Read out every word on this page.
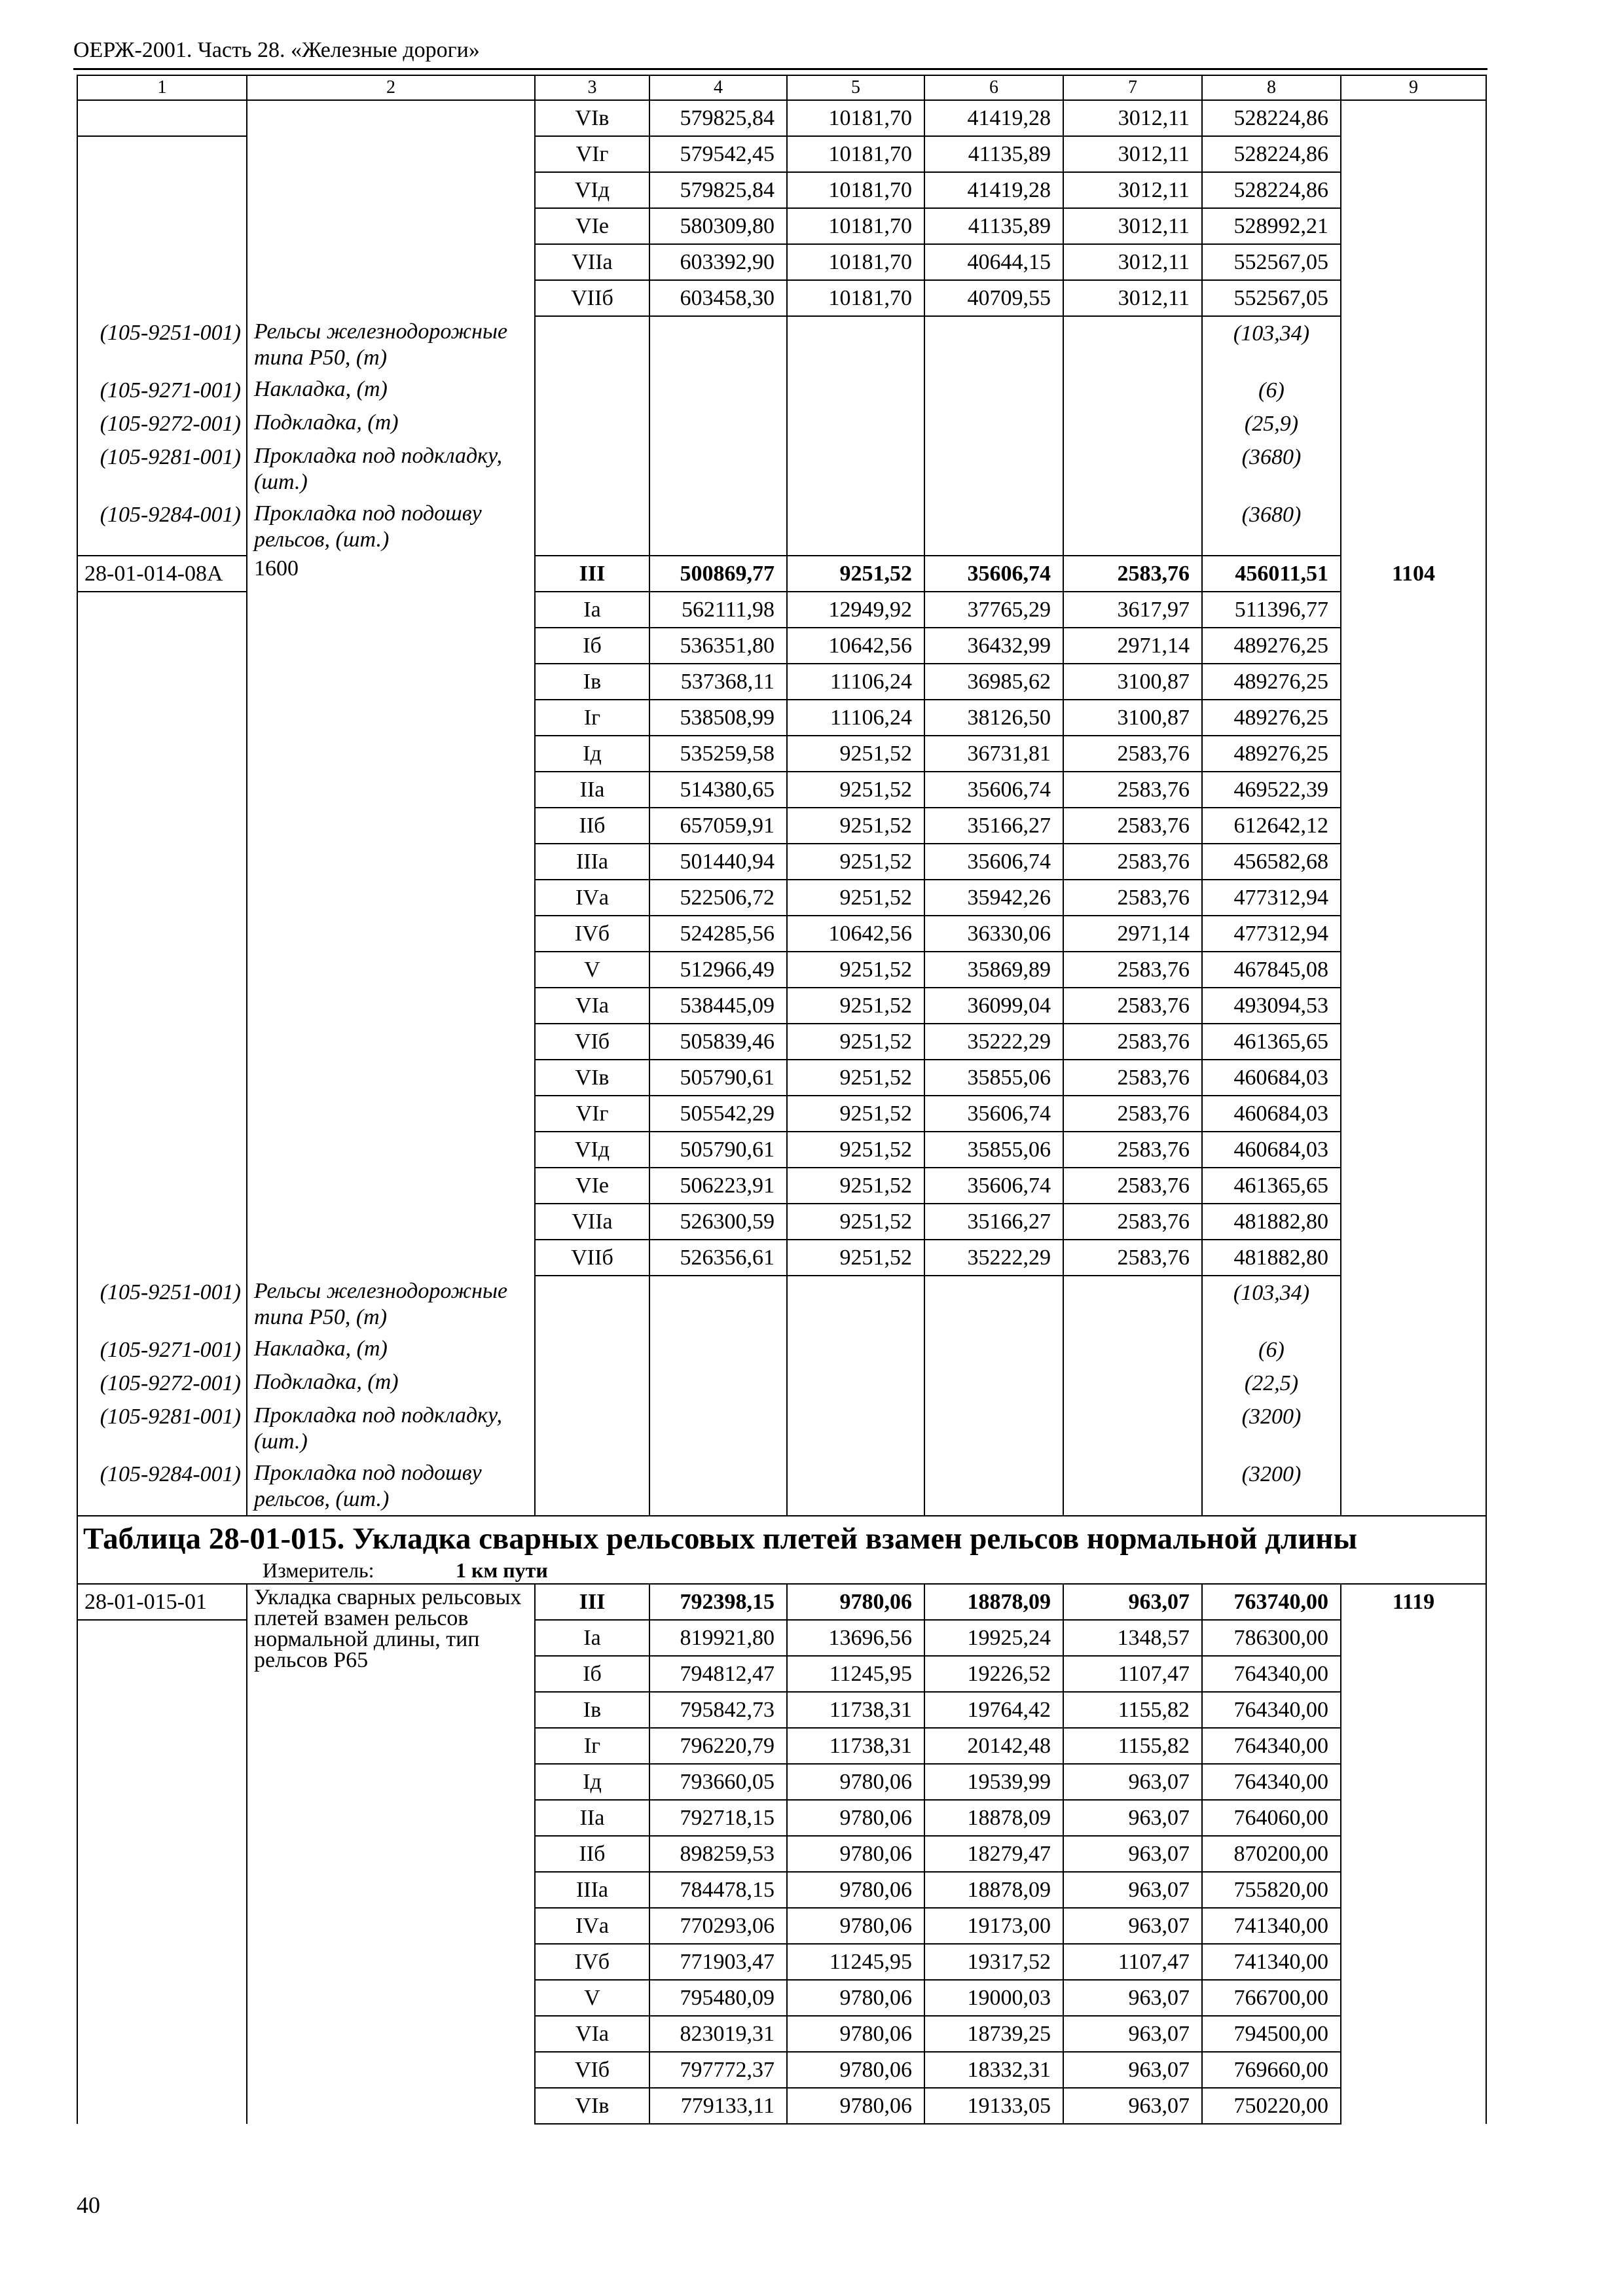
ОЕРЖ-2001. Часть 28. «Железные дороги»
1	2	3	4	5	6	7	8	9
		VIв	579825,84	10181,70	41419,28	3012,11	528224,86	
		VIг	579542,45	10181,70	41135,89	3012,11	528224,86	
		VIд	579825,84	10181,70	41419,28	3012,11	528224,86	
		VIе	580309,80	10181,70	41135,89	3012,11	528992,21	
		VIIа	603392,90	10181,70	40644,15	3012,11	552567,05	
		VIIб	603458,30	10181,70	40709,55	3012,11	552567,05	
(105-9251-001)	Рельсы железнодорожные типа Р50, (т)						(103,34)	
(105-9271-001)	Накладка, (т)						(6)	
(105-9272-001)	Подкладка, (т)						(25,9)	
(105-9281-001)	Прокладка под подкладку, (шт.)						(3680)	
(105-9284-001)	Прокладка под подошву рельсов, (шт.)						(3680)	
28-01-014-08А	1600	III	500869,77	9251,52	35606,74	2583,76	456011,51	1104
		Iа	562111,98	12949,92	37765,29	3617,97	511396,77	
		Iб	536351,80	10642,56	36432,99	2971,14	489276,25	
		Iв	537368,11	11106,24	36985,62	3100,87	489276,25	
		Iг	538508,99	11106,24	38126,50	3100,87	489276,25	
		Iд	535259,58	9251,52	36731,81	2583,76	489276,25	
		IIа	514380,65	9251,52	35606,74	2583,76	469522,39	
		IIб	657059,91	9251,52	35166,27	2583,76	612642,12	
		IIIа	501440,94	9251,52	35606,74	2583,76	456582,68	
		IVа	522506,72	9251,52	35942,26	2583,76	477312,94	
		IVб	524285,56	10642,56	36330,06	2971,14	477312,94	
		V	512966,49	9251,52	35869,89	2583,76	467845,08	
		VIа	538445,09	9251,52	36099,04	2583,76	493094,53	
		VIб	505839,46	9251,52	35222,29	2583,76	461365,65	
		VIв	505790,61	9251,52	35855,06	2583,76	460684,03	
		VIг	505542,29	9251,52	35606,74	2583,76	460684,03	
		VIд	505790,61	9251,52	35855,06	2583,76	460684,03	
		VIе	506223,91	9251,52	35606,74	2583,76	461365,65	
		VIIа	526300,59	9251,52	35166,27	2583,76	481882,80	
		VIIб	526356,61	9251,52	35222,29	2583,76	481882,80	
(105-9251-001)	Рельсы железнодорожные типа Р50, (т)						(103,34)	
(105-9271-001)	Накладка, (т)						(6)	
(105-9272-001)	Подкладка, (т)						(22,5)	
(105-9281-001)	Прокладка под подкладку, (шт.)						(3200)	
(105-9284-001)	Прокладка под подошву рельсов, (шт.)						(3200)	

Таблица 28-01-015. Укладка сварных рельсовых плетей взамен рельсов нормальной длины
Измеритель: 1 км пути								

28-01-015-01	Укладка сварных рельсовых плетей взамен рельсов нормальной длины, тип рельсов Р65	III	792398,15	9780,06	18878,09	963,07	763740,00	1119
		Iа	819921,80	13696,56	19925,24	1348,57	786300,00	
		Iб	794812,47	11245,95	19226,52	1107,47	764340,00	
		Iв	795842,73	11738,31	19764,42	1155,82	764340,00	
		Iг	796220,79	11738,31	20142,48	1155,82	764340,00	
		Iд	793660,05	9780,06	19539,99	963,07	764340,00	
		IIа	792718,15	9780,06	18878,09	963,07	764060,00	
		IIб	898259,53	9780,06	18279,47	963,07	870200,00	
		IIIа	784478,15	9780,06	18878,09	963,07	755820,00	
		IVа	770293,06	9780,06	19173,00	963,07	741340,00	
		IVб	771903,47	11245,95	19317,52	1107,47	741340,00	
		V	795480,09	9780,06	19000,03	963,07	766700,00	
		VIа	823019,31	9780,06	18739,25	963,07	794500,00	
		VIб	797772,37	9780,06	18332,31	963,07	769660,00	
		VIв	779133,11	9780,06	19133,05	963,07	750220,00	
40
